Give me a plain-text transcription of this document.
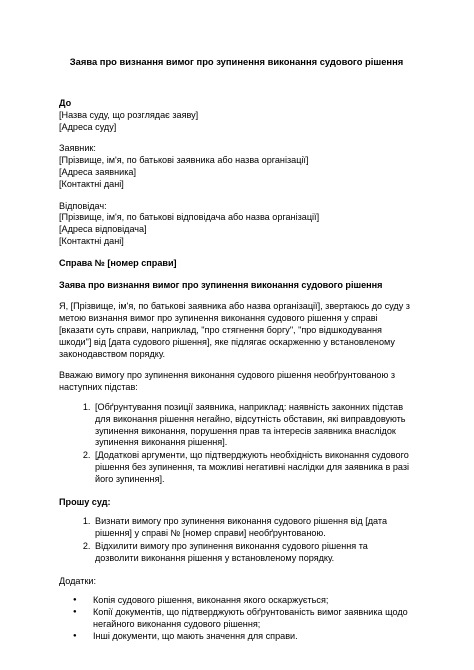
Заява про визнання вимог про зупинення виконання судового рішення

До

[Назва суду, що розглядає заяву]

[Адреса суду]

Заявник:

[Прізвище, ім'я, по батькові заявника або назва організації]

[Адреса заявника]

[Контактні дані]

Відповідач:

[Прізвище, ім'я, по батькові відповідача або назва організації]

[Адреса відповідача]

[Контактні дані]

Справа № [номер справи]

Заява про визнання вимог про зупинення виконання судового рішення

Я, [Прізвище, ім'я, по батькові заявника або назва організації], звертаюсь до суду з метою визнання вимог про зупинення виконання судового рішення у справі [вказати суть справи, наприклад, "про стягнення боргу", "про відшкодування шкоди"] від [дата судового рішення], яке підлягає оскарженню у встановленому законодавством порядку.

Вважаю вимогу про зупинення виконання судового рішення необґрунтованою з наступних підстав:

1. [Обґрунтування позиції заявника, наприклад: наявність законних підстав для виконання рішення негайно, відсутність обставин, які виправдовують зупинення виконання, порушення прав та інтересів заявника внаслідок зупинення виконання рішення].
2. [Додаткові аргументи, що підтверджують необхідність виконання судового рішення без зупинення, та можливі негативні наслідки для заявника в разі його зупинення].

Прошу суд:

1. Визнати вимогу про зупинення виконання судового рішення від [дата рішення] у справі № [номер справи] необґрунтованою.
2. Відхилити вимогу про зупинення виконання судового рішення та дозволити виконання рішення у встановленому порядку.

Додатки:

● Копія судового рішення, виконання якого оскаржується;
● Копії документів, що підтверджують обґрунтованість вимог заявника щодо негайного виконання судового рішення;
● Інші документи, що мають значення для справи.
